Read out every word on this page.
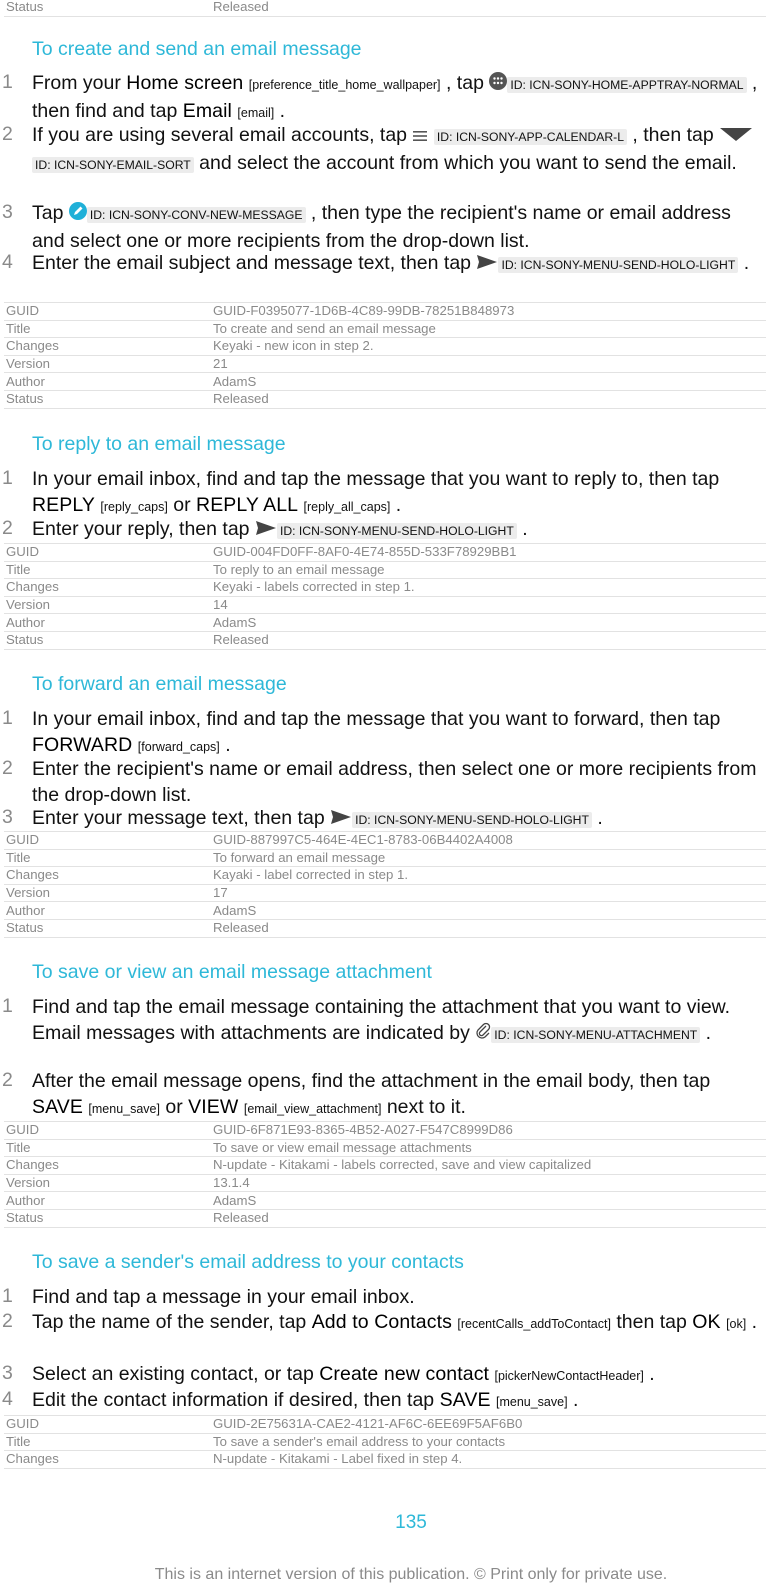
Status	Released
To create and send an email message
1 From your Home screen [preference_title_home_wallpaper] , tap ID: ICN-SONY-HOME-APPTRAY-NORMAL , then find and tap Email [email] .
2 If you are using several email accounts, tap  ID: ICN-SONY-APP-CALENDAR-L , then tap ID: ICN-SONY-EMAIL-SORT and select the account from which you want to send the email.
3 Tap ID: ICN-SONY-CONV-NEW-MESSAGE , then type the recipient's name or email address and select one or more recipients from the drop-down list.
4 Enter the email subject and message text, then tap ID: ICN-SONY-MENU-SEND-HOLO-LIGHT .
GUID	GUID-F0395077-1D6B-4C89-99DB-78251B848973
Title	To create and send an email message
Changes	Keyaki - new icon in step 2.
Version	21
Author	AdamS
Status	Released
To reply to an email message
1 In your email inbox, find and tap the message that you want to reply to, then tap REPLY [reply_caps] or REPLY ALL [reply_all_caps] .
2 Enter your reply, then tap ID: ICN-SONY-MENU-SEND-HOLO-LIGHT .
GUID	GUID-004FD0FF-8AF0-4E74-855D-533F78929BB1
Title	To reply to an email message
Changes	Keyaki - labels corrected in step 1.
Version	14
Author	AdamS
Status	Released
To forward an email message
1 In your email inbox, find and tap the message that you want to forward, then tap FORWARD [forward_caps] .
2 Enter the recipient's name or email address, then select one or more recipients from the drop-down list.
3 Enter your message text, then tap ID: ICN-SONY-MENU-SEND-HOLO-LIGHT .
GUID	GUID-887997C5-464E-4EC1-8783-06B4402A4008
Title	To forward an email message
Changes	Kayaki - label corrected in step 1.
Version	17
Author	AdamS
Status	Released
To save or view an email message attachment
1 Find and tap the email message containing the attachment that you want to view. Email messages with attachments are indicated by ID: ICN-SONY-MENU-ATTACHMENT .
2 After the email message opens, find the attachment in the email body, then tap SAVE [menu_save] or VIEW [email_view_attachment] next to it.
GUID	GUID-6F871E93-8365-4B52-A027-F547C8999D86
Title	To save or view email message attachments
Changes	N-update - Kitakami - labels corrected, save and view capitalized
Version	13.1.4
Author	AdamS
Status	Released
To save a sender's email address to your contacts
1 Find and tap a message in your email inbox.
2 Tap the name of the sender, tap Add to Contacts [recentCalls_addToContact] then tap OK [ok] .
3 Select an existing contact, or tap Create new contact [pickerNewContactHeader] .
4 Edit the contact information if desired, then tap SAVE [menu_save] .
GUID	GUID-2E75631A-CAE2-4121-AF6C-6EE69F5AF6B0
Title	To save a sender's email address to your contacts
Changes	N-update - Kitakami - Label fixed in step 4.
135
This is an internet version of this publication. © Print only for private use.
